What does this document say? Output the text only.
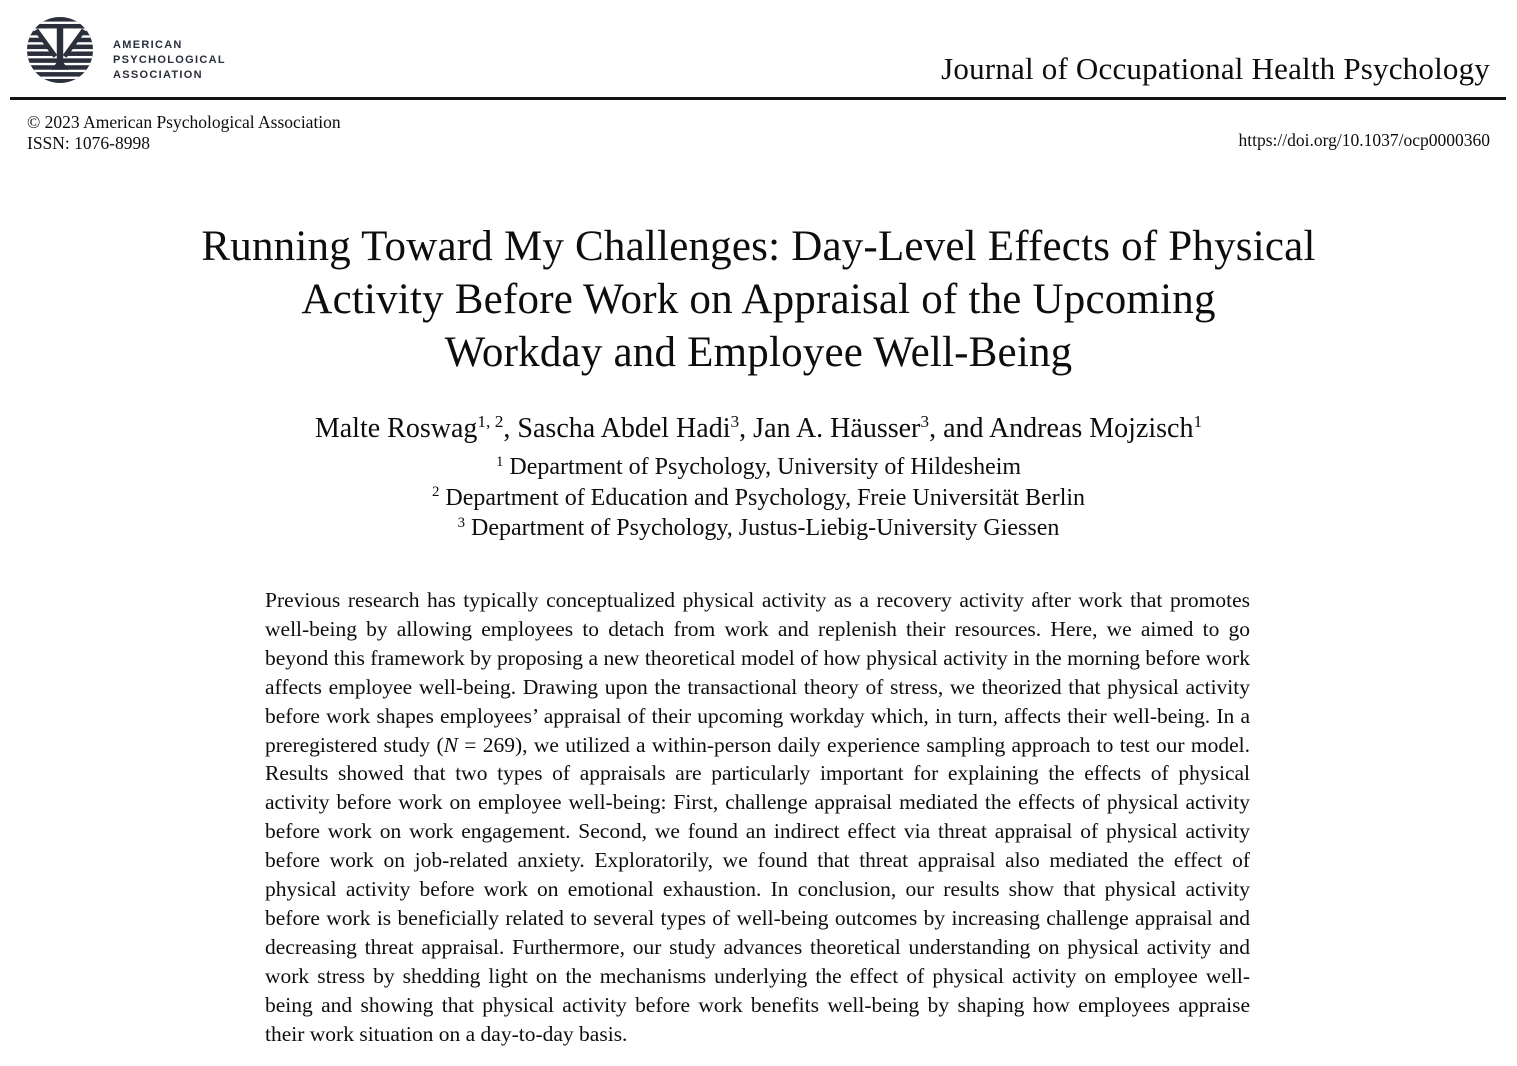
AMERICAN
PSYCHOLOGICAL
ASSOCIATION	Journal of Occupational Health Psychology
© 2023 American Psychological Association
ISSN: 1076-8998	https://doi.org/10.1037/ocp0000360
Running Toward My Challenges: Day-Level Effects of Physical
Activity Before Work on Appraisal of the Upcoming
Workday and Employee Well-Being
Malte Roswag$^{1, 2}$, Sascha Abdel Hadi$^3$, Jan A. Häusser$^3$, and Andreas Mojzisch$^1$
$^1$ Department of Psychology, University of Hildesheim
$^2$ Department of Education and Psychology, Freie Universität Berlin
$^3$ Department of Psychology, Justus-Liebig-University Giessen

Previous research has typically conceptualized physical activity as a recovery activity after work that promotes well-being by allowing employees to detach from work and replenish their resources. Here, we aimed to go beyond this framework by proposing a new theoretical model of how physical activity in the morning before work affects employee well-being. Drawing upon the transactional theory of stress, we theorized that physical activity before work shapes employees’ appraisal of their upcoming workday which, in turn, affects their well-being. In a preregistered study (N = 269), we utilized a within-person daily experience sampling approach to test our model. Results showed that two types of appraisals are particularly important for explaining the effects of physical activity before work on employee well-being: First, challenge appraisal mediated the effects of physical activity before work on work engagement. Second, we found an indirect effect via threat appraisal of physical activity before work on job-related anxiety. Exploratorily, we found that threat appraisal also mediated the effect of physical activity before work on emotional exhaustion. In conclusion, our results show that physical activity before work is beneficially related to several types of well-being outcomes by increasing challenge appraisal and decreasing threat appraisal. Furthermore, our study advances theoretical understanding on physical activity and work stress by shedding light on the mechanisms underlying the effect of physical activity on employee well-being and showing that physical activity before work benefits well-being by shaping how employees appraise their work situation on a day-to-day basis.
